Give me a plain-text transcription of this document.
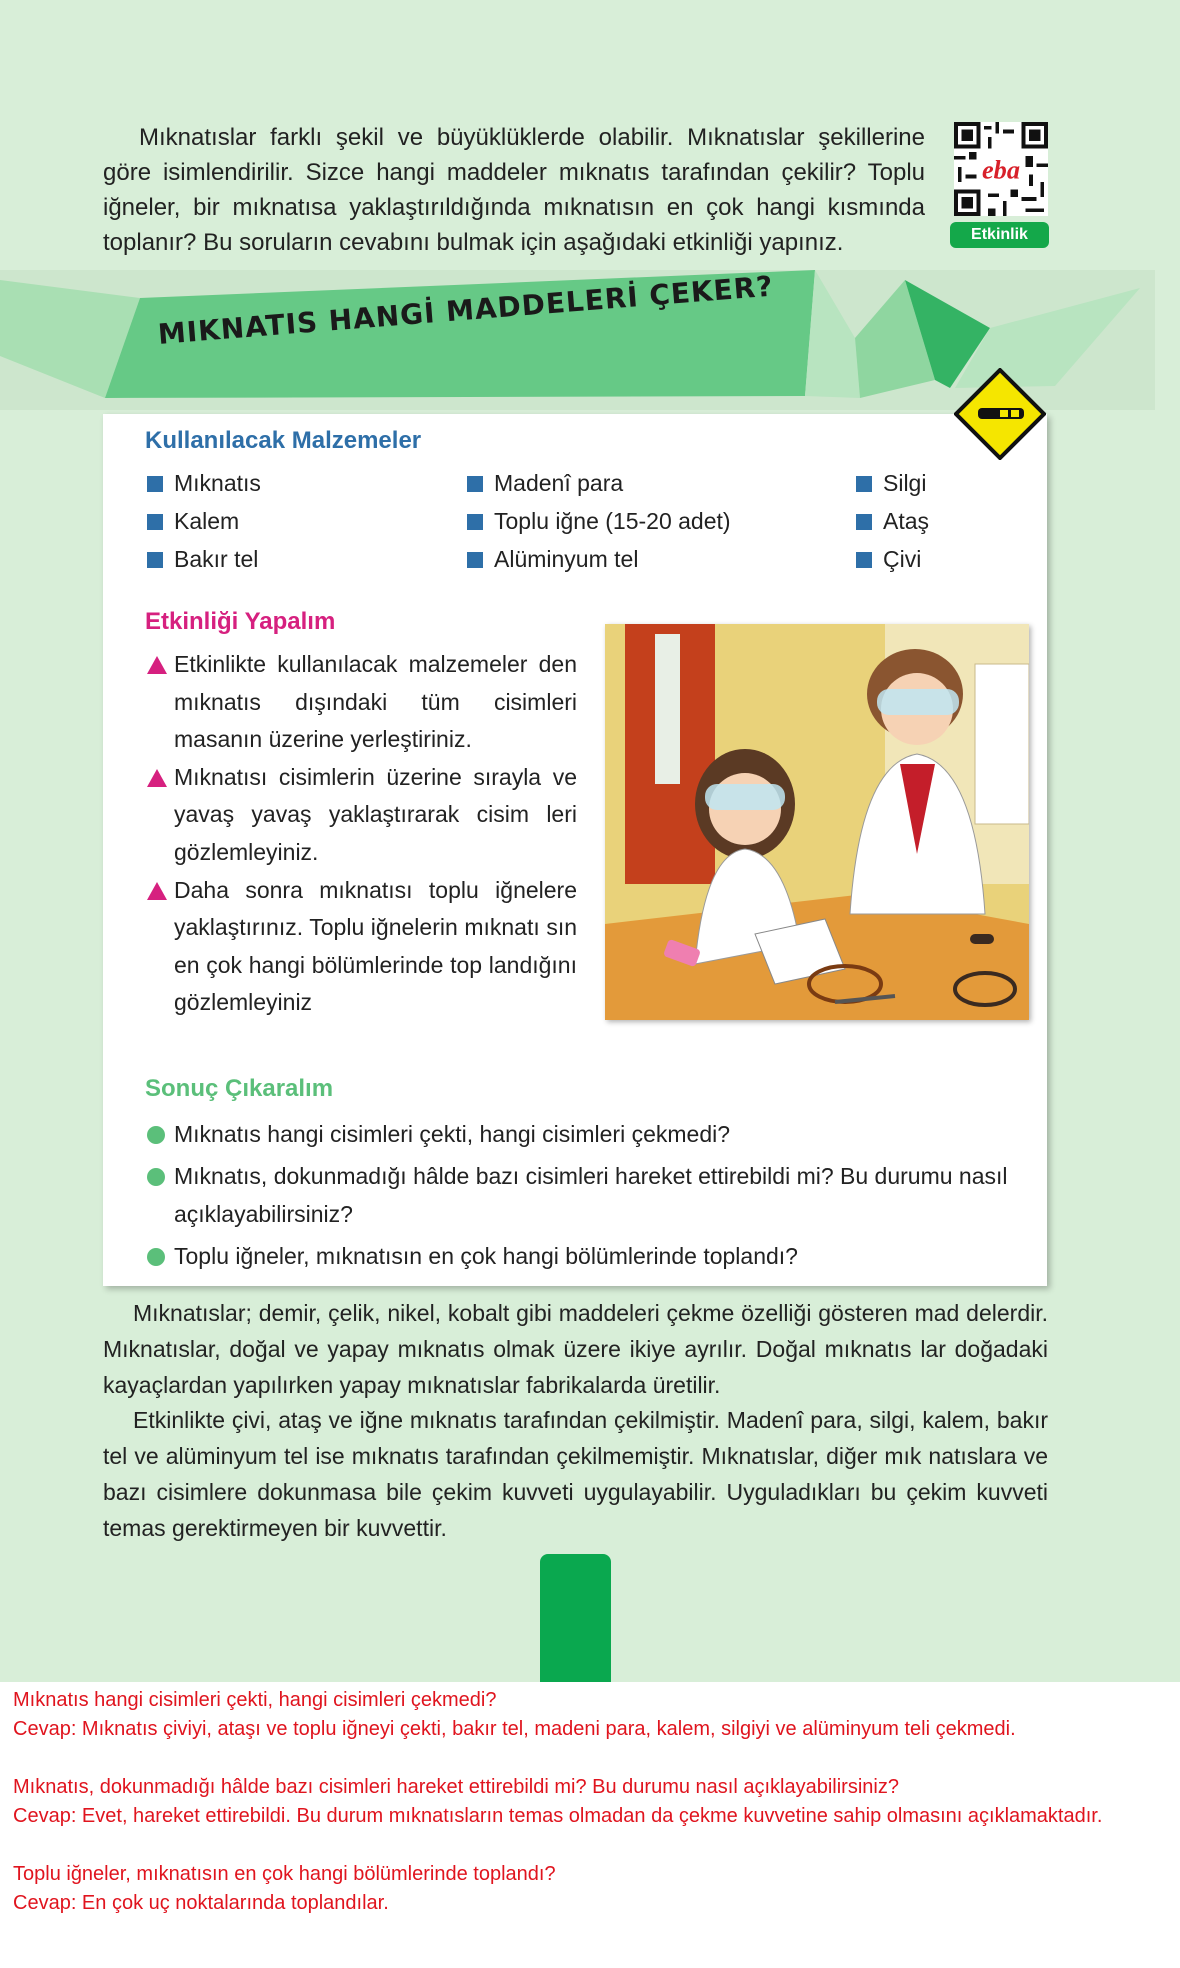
Mıknatıslar farklı şekil ve büyüklüklerde olabilir. Mıknatıslar şekillerine göre isimlendirilir. Sizce hangi maddeler mıknatıs tarafından çekilir? Toplu iğneler, bir mıknatısa yaklaştırıldığında mıknatısın en çok hangi kısmında toplanır? Bu soruların cevabını bulmak için aşağıdaki etkinliği yapınız.

eba
Etkinlik
MIKNATIS HANGİ MADDELERİ ÇEKER?
Kullanılacak Malzemeler
Mıknatıs
Kalem
Bakır tel
Madenî para
Toplu iğne (15-20 adet)
Alüminyum tel
Silgi
Ataş
Çivi
Etkinliği Yapalım
Etkinlikte kullanılacak malzemeler den mıknatıs dışındaki tüm cisimleri masanın üzerine yerleştiriniz.
Mıknatısı cisimlerin üzerine sırayla ve yavaş yavaş yaklaştırarak cisim leri gözlemleyiniz.
Daha sonra mıknatısı toplu iğnelere yaklaştırınız. Toplu iğnelerin mıknatı sın en çok hangi bölümlerinde top landığını gözlemleyiniz
Sonuç Çıkaralım
Mıknatıs hangi cisimleri çekti, hangi cisimleri çekmedi?
Mıknatıs, dokunmadığı hâlde bazı cisimleri hareket ettirebildi mi? Bu durumu nasıl açıklayabilirsiniz?
Toplu iğneler, mıknatısın en çok hangi bölümlerinde toplandı?

Mıknatıslar; demir, çelik, nikel, kobalt gibi maddeleri çekme özelliği gösteren mad delerdir. Mıknatıslar, doğal ve yapay mıknatıs olmak üzere ikiye ayrılır. Doğal mıknatıs lar doğadaki kayaçlardan yapılırken yapay mıknatıslar fabrikalarda üretilir.

Etkinlikte çivi, ataş ve iğne mıknatıs tarafından çekilmiştir. Madenî para, silgi, kalem, bakır tel ve alüminyum tel ise mıknatıs tarafından çekilmemiştir. Mıknatıslar, diğer mık natıslara ve bazı cisimlere dokunmasa bile çekim kuvveti uygulayabilir. Uyguladıkları bu çekim kuvveti temas gerektirmeyen bir kuvvettir.

Mıknatıs hangi cisimleri çekti, hangi cisimleri çekmedi?
Cevap: Mıknatıs çiviyi, ataşı ve toplu iğneyi çekti, bakır tel, madeni para, kalem, silgiyi ve alüminyum teli çekmedi.
Mıknatıs, dokunmadığı hâlde bazı cisimleri hareket ettirebildi mi? Bu durumu nasıl açıklayabilirsiniz?
Cevap: Evet, hareket ettirebildi. Bu durum mıknatısların temas olmadan da çekme kuvvetine sahip olmasını açıklamaktadır.
Toplu iğneler, mıknatısın en çok hangi bölümlerinde toplandı?
Cevap: En çok uç noktalarında toplandılar.
